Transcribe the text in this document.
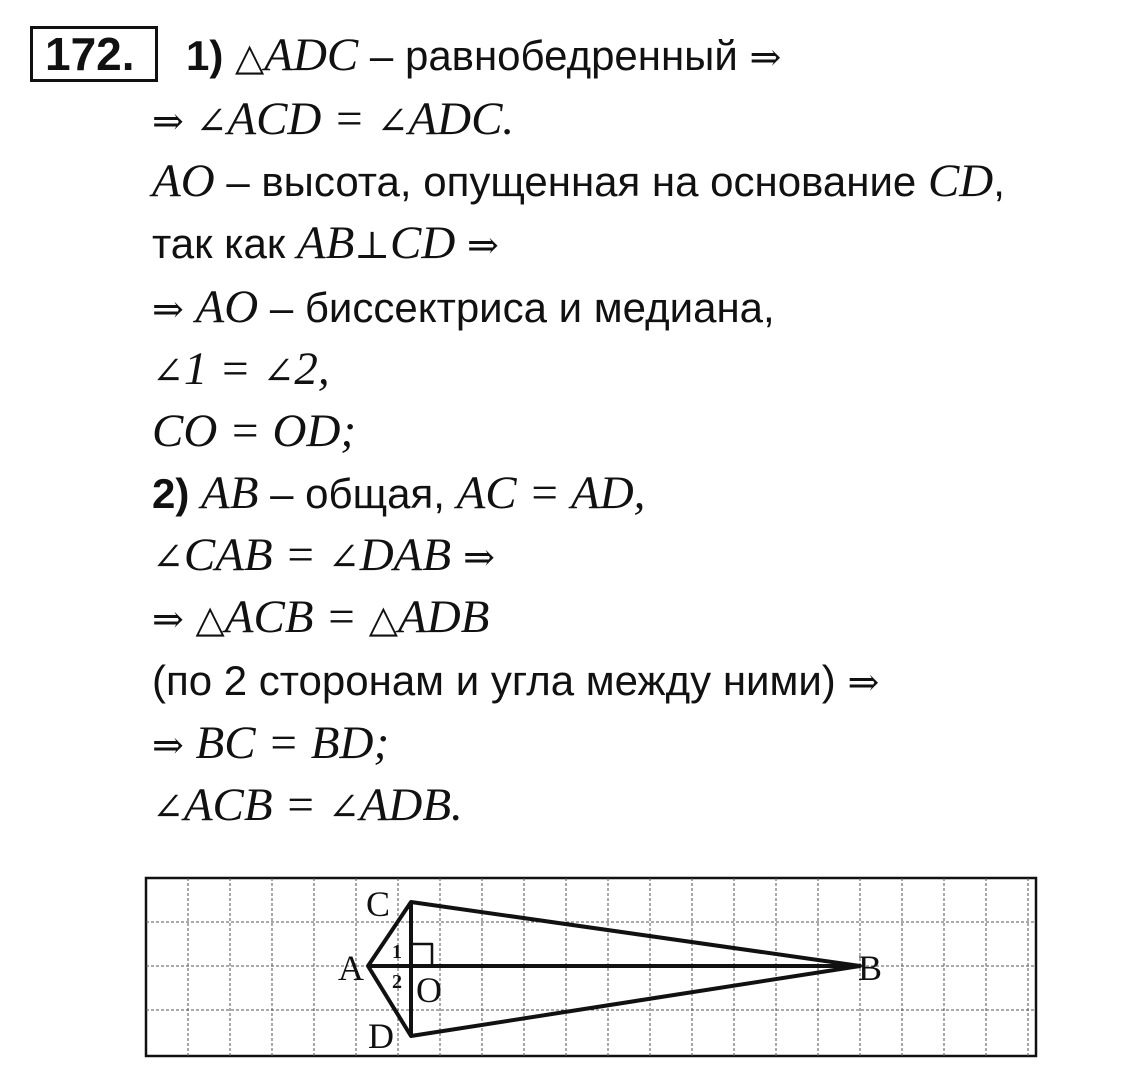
172.	1) △ADC – равнобедренный ⇒
⇒ ∠ACD = ∠ADC.
AO – высота, опущенная на основание CD,
так как AB⊥CD ⇒
⇒ AO – биссектриса и медиана,
∠1 = ∠2,
CO = OD;
2) AB – общая, AC = AD,
∠CAB = ∠DAB ⇒
⇒ △ACB = △ADB
(по 2 сторонам и угла между ними) ⇒
⇒ BC = BD;
∠ACB = ∠ADB.
C
A
O
D
B
1
2
